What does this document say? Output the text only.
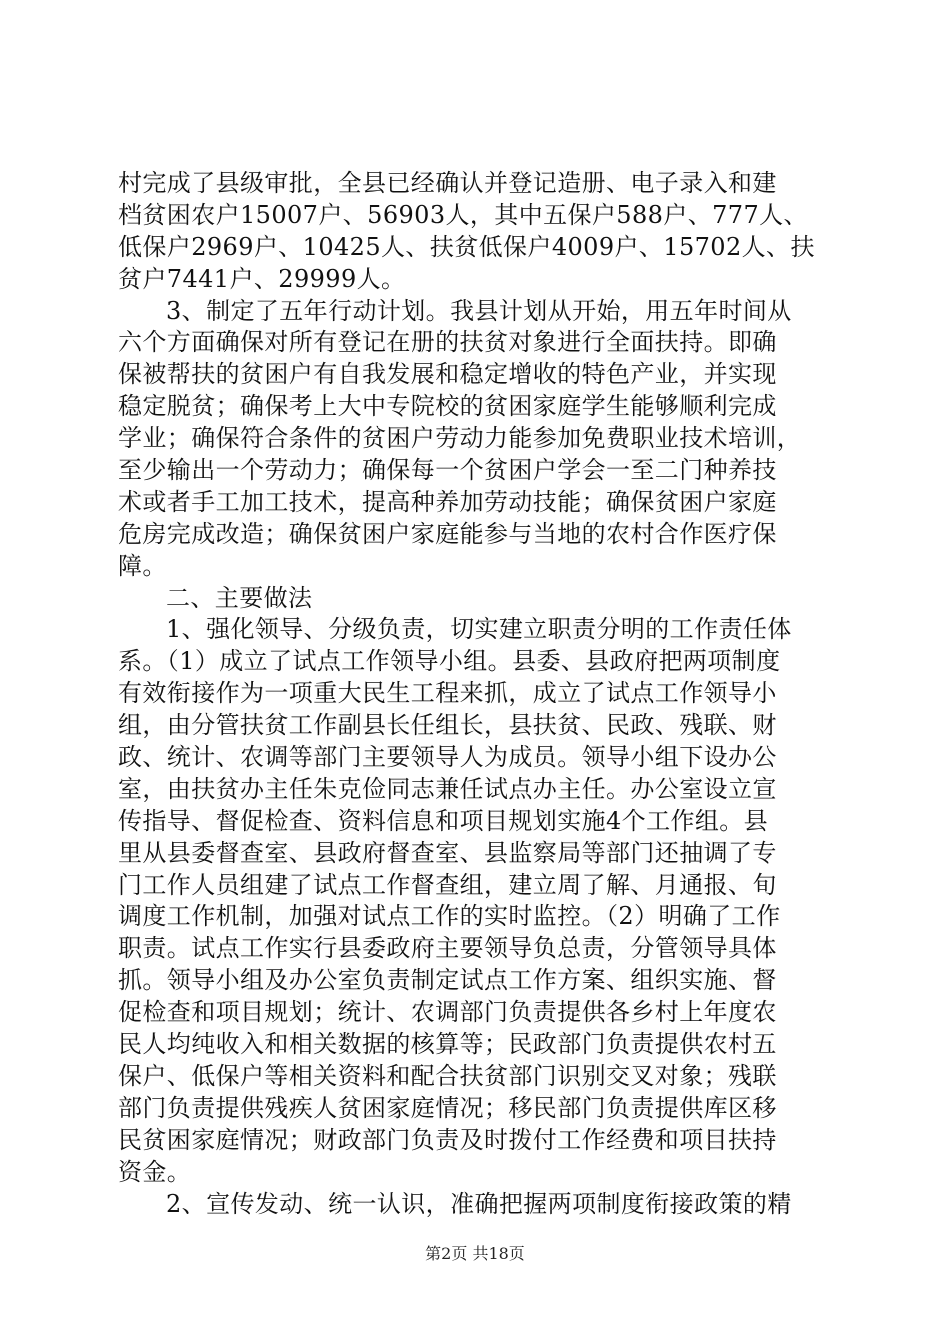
村完成了县级审批，全县已经确认并登记造册、电子录入和建
档贫困农户15007户、56903人，其中五保户588户、777人、
低保户2969户、10425人、扶贫低保户4009户、15702人、扶
贫户7441户、29999人。
3、制定了五年行动计划。我县计划从开始，用五年时间从
六个方面确保对所有登记在册的扶贫对象进行全面扶持。即确
保被帮扶的贫困户有自我发展和稳定增收的特色产业，并实现
稳定脱贫；确保考上大中专院校的贫困家庭学生能够顺利完成
学业；确保符合条件的贫困户劳动力能参加免费职业技术培训，
至少输出一个劳动力；确保每一个贫困户学会一至二门种养技
术或者手工加工技术，提高种养加劳动技能；确保贫困户家庭
危房完成改造；确保贫困户家庭能参与当地的农村合作医疗保
障。
二、主要做法
1、强化领导、分级负责，切实建立职责分明的工作责任体
系。（1）成立了试点工作领导小组。县委、县政府把两项制度
有效衔接作为一项重大民生工程来抓，成立了试点工作领导小
组，由分管扶贫工作副县长任组长，县扶贫、民政、残联、财
政、统计、农调等部门主要领导人为成员。领导小组下设办公
室，由扶贫办主任朱克俭同志兼任试点办主任。办公室设立宣
传指导、督促检查、资料信息和项目规划实施4个工作组。县
里从县委督查室、县政府督查室、县监察局等部门还抽调了专
门工作人员组建了试点工作督查组，建立周了解、月通报、旬
调度工作机制，加强对试点工作的实时监控。（2）明确了工作
职责。试点工作实行县委政府主要领导负总责，分管领导具体
抓。领导小组及办公室负责制定试点工作方案、组织实施、督
促检查和项目规划；统计、农调部门负责提供各乡村上年度农
民人均纯收入和相关数据的核算等；民政部门负责提供农村五
保户、低保户等相关资料和配合扶贫部门识别交叉对象；残联
部门负责提供残疾人贫困家庭情况；移民部门负责提供库区移
民贫困家庭情况；财政部门负责及时拨付工作经费和项目扶持
资金。
2、宣传发动、统一认识，准确把握两项制度衔接政策的精
第2页 共18页
